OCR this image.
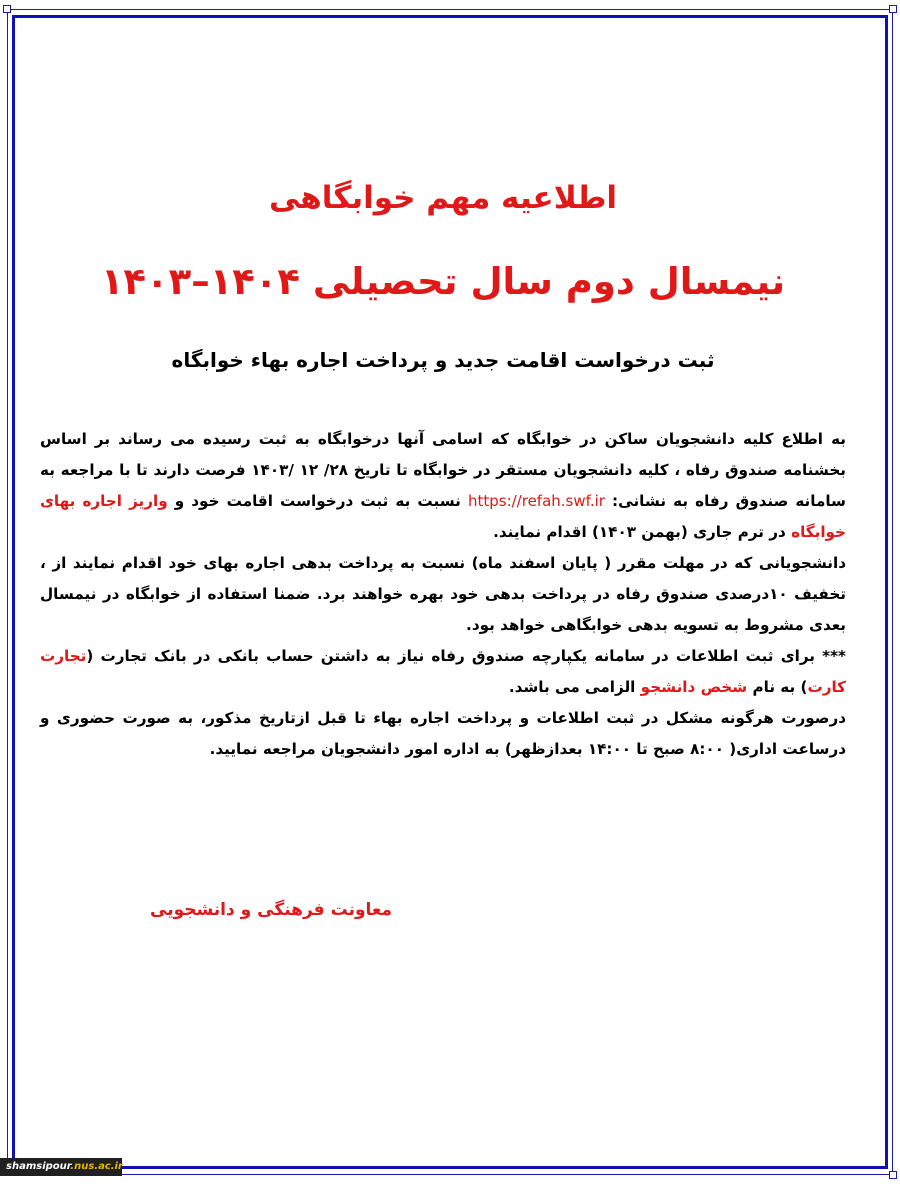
اطلاعیه مهم خوابگاهی
نیمسال دوم سال تحصیلی ۱۴۰۴–۱۴۰۳
ثبت درخواست اقامت جدید و پرداخت اجاره بهاء خوابگاه

به اطلاع کلیه دانشجویان ساکن در خوابگاه که اسامی آنها درخوابگاه به ثبت رسیده می رساند بر اساس بخشنامه صندوق رفاه ، کلیه دانشجویان مستقر در خوابگاه تا تاریخ ۲۸/ ۱۲ /۱۴۰۳ فرصت دارند تا با مراجعه به سامانه صندوق رفاه به نشانی: https://refah.swf.ir نسبت به ثبت درخواست اقامت خود و واریز اجاره بهای خوابگاه در ترم جاری (بهمن ۱۴۰۳) اقدام نمایند.

دانشجویانی که در مهلت مقرر ( پایان اسفند ماه) نسبت به پرداخت بدهی اجاره بهای خود اقدام نمایند از ، تخفیف ۱۰درصدی صندوق رفاه در پرداخت بدهی خود بهره خواهند برد. ضمنا استفاده از خوابگاه در نیمسال بعدی مشروط به تسویه بدهی خوابگاهی خواهد بود.

*** برای ثبت اطلاعات در سامانه یکپارچه صندوق رفاه نیاز به داشتن حساب بانکی در بانک تجارت (تجارت کارت) به نام شخص دانشجو الزامی می باشد.

درصورت هرگونه مشکل در ثبت اطلاعات و پرداخت اجاره بهاء تا قبل ازتاریخ مذکور، به صورت حضوری و درساعت اداری( ۸:۰۰ صبح تا ۱۴:۰۰ بعدازظهر) به اداره امور دانشجویان مراجعه نمایید.

معاونت فرهنگی و دانشجویی
shamsipour.nus.ac.ir
